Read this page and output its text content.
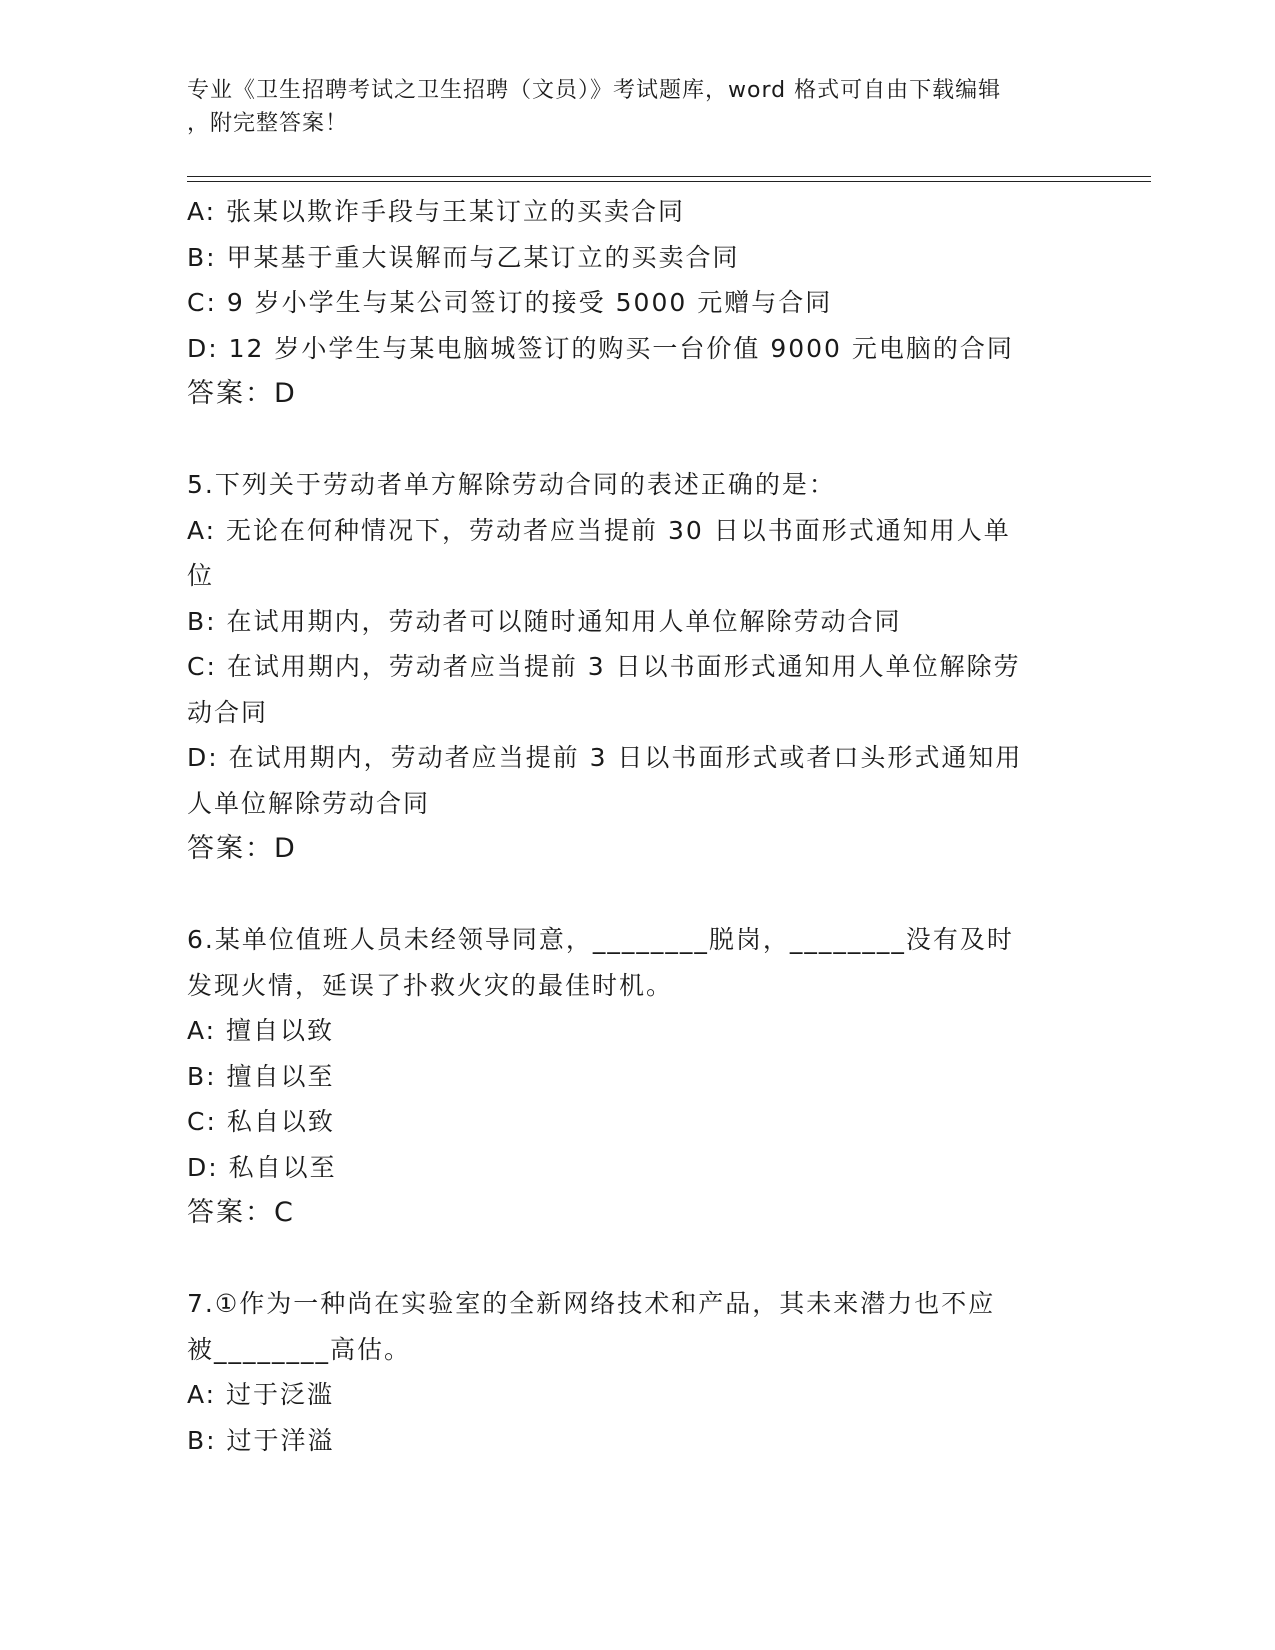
专业《卫生招聘考试之卫生招聘（文员）》考试题库，word 格式可自由下载编辑
，附完整答案！
A: 张某以欺诈手段与王某订立的买卖合同
B: 甲某基于重大误解而与乙某订立的买卖合同
C: 9 岁小学生与某公司签订的接受 5000 元赠与合同
D: 12 岁小学生与某电脑城签订的购买一台价值 9000 元电脑的合同
答案：D
5.下列关于劳动者单方解除劳动合同的表述正确的是：
A: 无论在何种情况下，劳动者应当提前 30 日以书面形式通知用人单
位
B: 在试用期内，劳动者可以随时通知用人单位解除劳动合同
C: 在试用期内，劳动者应当提前 3 日以书面形式通知用人单位解除劳
动合同
D: 在试用期内，劳动者应当提前 3 日以书面形式或者口头形式通知用
人单位解除劳动合同
答案：D
6.某单位值班人员未经领导同意，________脱岗，________没有及时
发现火情，延误了扑救火灾的最佳时机。
A: 擅自以致
B: 擅自以至
C: 私自以致
D: 私自以至
答案：C
7.①作为一种尚在实验室的全新网络技术和产品，其未来潜力也不应
被________高估。
A: 过于泛滥
B: 过于洋溢
